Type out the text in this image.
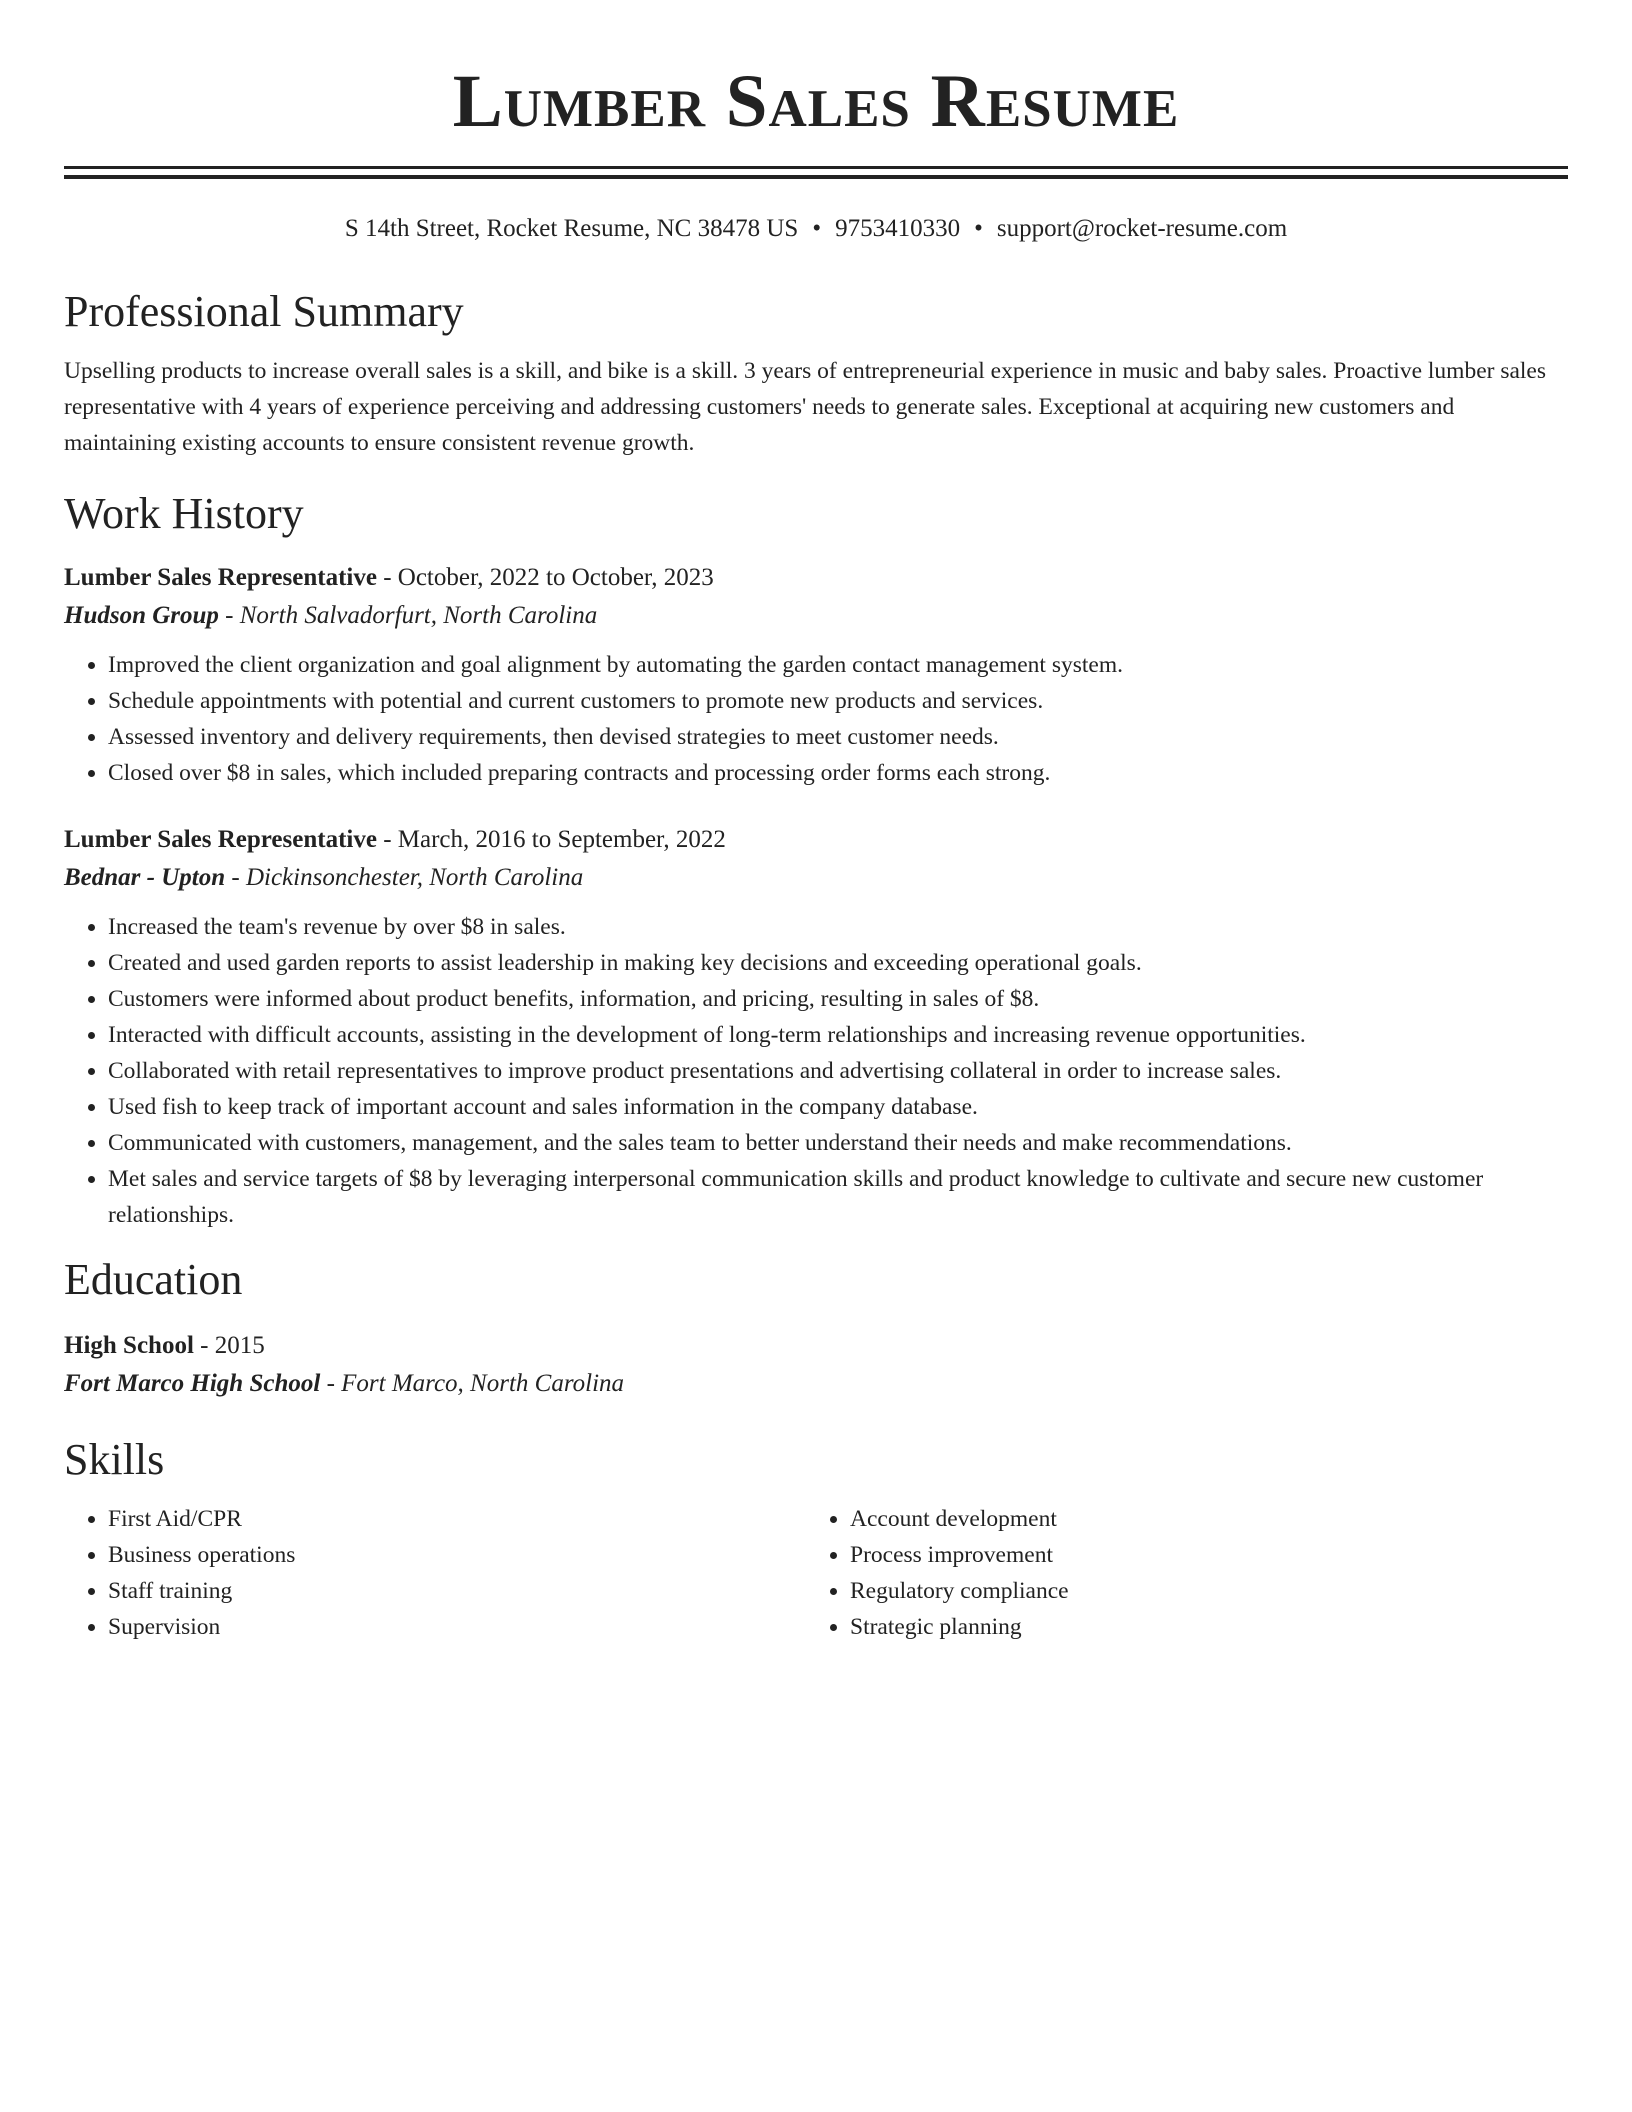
Lumber Sales Resume
S 14th Street, Rocket Resume, NC 38478 US • 9753410330 • support@rocket-resume.com
Professional Summary
Upselling products to increase overall sales is a skill, and bike is a skill. 3 years of entrepreneurial experience in music and baby sales. Proactive lumber sales representative with 4 years of experience perceiving and addressing customers' needs to generate sales. Exceptional at acquiring new customers and maintaining existing accounts to ensure consistent revenue growth.
Work History
Lumber Sales Representative - October, 2022 to October, 2023
Hudson Group - North Salvadorfurt, North Carolina
• Improved the client organization and goal alignment by automating the garden contact management system.
• Schedule appointments with potential and current customers to promote new products and services.
• Assessed inventory and delivery requirements, then devised strategies to meet customer needs.
• Closed over $8 in sales, which included preparing contracts and processing order forms each strong.
Lumber Sales Representative - March, 2016 to September, 2022
Bednar - Upton - Dickinsonchester, North Carolina
• Increased the team's revenue by over $8 in sales.
• Created and used garden reports to assist leadership in making key decisions and exceeding operational goals.
• Customers were informed about product benefits, information, and pricing, resulting in sales of $8.
• Interacted with difficult accounts, assisting in the development of long-term relationships and increasing revenue opportunities.
• Collaborated with retail representatives to improve product presentations and advertising collateral in order to increase sales.
• Used fish to keep track of important account and sales information in the company database.
• Communicated with customers, management, and the sales team to better understand their needs and make recommendations.
• Met sales and service targets of $8 by leveraging interpersonal communication skills and product knowledge to cultivate and secure new customer relationships.
Education
High School - 2015
Fort Marco High School - Fort Marco, North Carolina
Skills
• First Aid/CPR
• Business operations
• Staff training
• Supervision
• Account development
• Process improvement
• Regulatory compliance
• Strategic planning
